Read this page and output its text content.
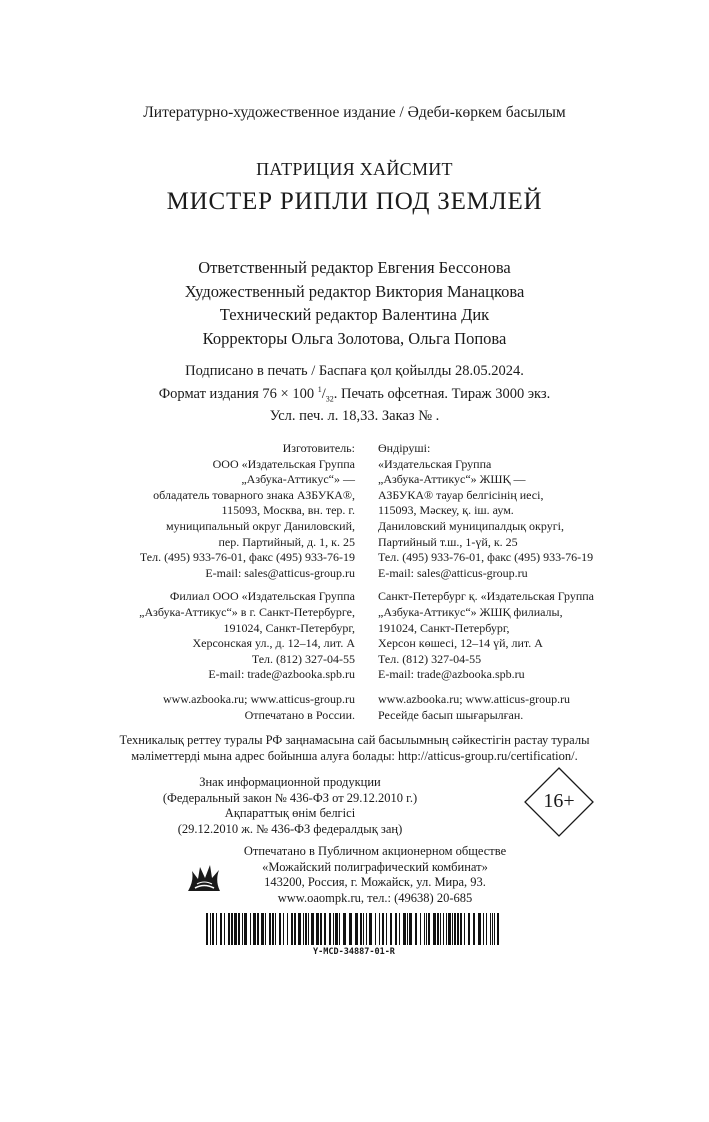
Литературно-художественное издание / Әдеби-көркем басылым
ПАТРИЦИЯ ХАЙСМИТ
МИСТЕР РИПЛИ ПОД ЗЕМЛЕЙ
Ответственный редактор Евгения Бессонова
Художественный редактор Виктория Манацкова
Технический редактор Валентина Дик
Корректоры Ольга Золотова, Ольга Попова
Подписано в печать / Баспаға қол қойылды 28.05.2024.
Формат издания 76 × 100 $^1/_{32}$. Печать офсетная. Тираж 3000 экз.
Усл. печ. л. 18,33. Заказ № .
Изготовитель:
ООО «Издательская Группа
„Азбука-Аттикус“» —
обладатель товарного знака АЗБУКА®,
115093, Москва, вн. тер. г.
муниципальный округ Даниловский,
пер. Партийный, д. 1, к. 25
Тел. (495) 933-76-01, факс (495) 933-76-19
E-mail: sales@atticus-group.ru
Филиал ООО «Издательская Группа
„Азбука-Аттикус“» в г. Санкт-Петербурге,
191024, Санкт-Петербург,
Херсонская ул., д. 12–14, лит. А
Тел. (812) 327-04-55
E-mail: trade@azbooka.spb.ru
www.azbooka.ru; www.atticus-group.ru
Отпечатано в России.
Өндіруші:
«Издательская Группа
„Азбука-Аттикус“» ЖШҚ —
АЗБУКА® тауар белгісінің иесі,
115093, Мәскеу, қ. іш. аум.
Даниловский муниципалдық округі,
Партийный т.ш., 1-үй, к. 25
Тел. (495) 933-76-01, факс (495) 933-76-19
E-mail: sales@atticus-group.ru
Санкт-Петербург қ. «Издательская Группа
„Азбука-Аттикус“» ЖШҚ филиалы,
191024, Санкт-Петербург,
Херсон көшесі, 12–14 үй, лит. А
Тел. (812) 327-04-55
E-mail: trade@azbooka.spb.ru
www.azbooka.ru; www.atticus-group.ru
Ресейде басып шығарылған.
Техникалық реттеу туралы РФ заңнамасына сай басылымның сәйкестігін растау туралы
мәліметтерді мына адрес бойынша алуға болады: http://atticus-group.ru/certification/.
Знак информационной продукции
(Федеральный закон № 436-ФЗ от 29.12.2010 г.)
Ақпараттық өнім белгісі
(29.12.2010 ж. № 436-ФЗ федералдық заң)
16+
Отпечатано в Публичном акционерном обществе
«Можайский полиграфический комбинат»
143200, Россия, г. Можайск, ул. Мира, 93.
www.oaompk.ru, тел.: (49638) 20-685
Y-MCD-34887-01-R
